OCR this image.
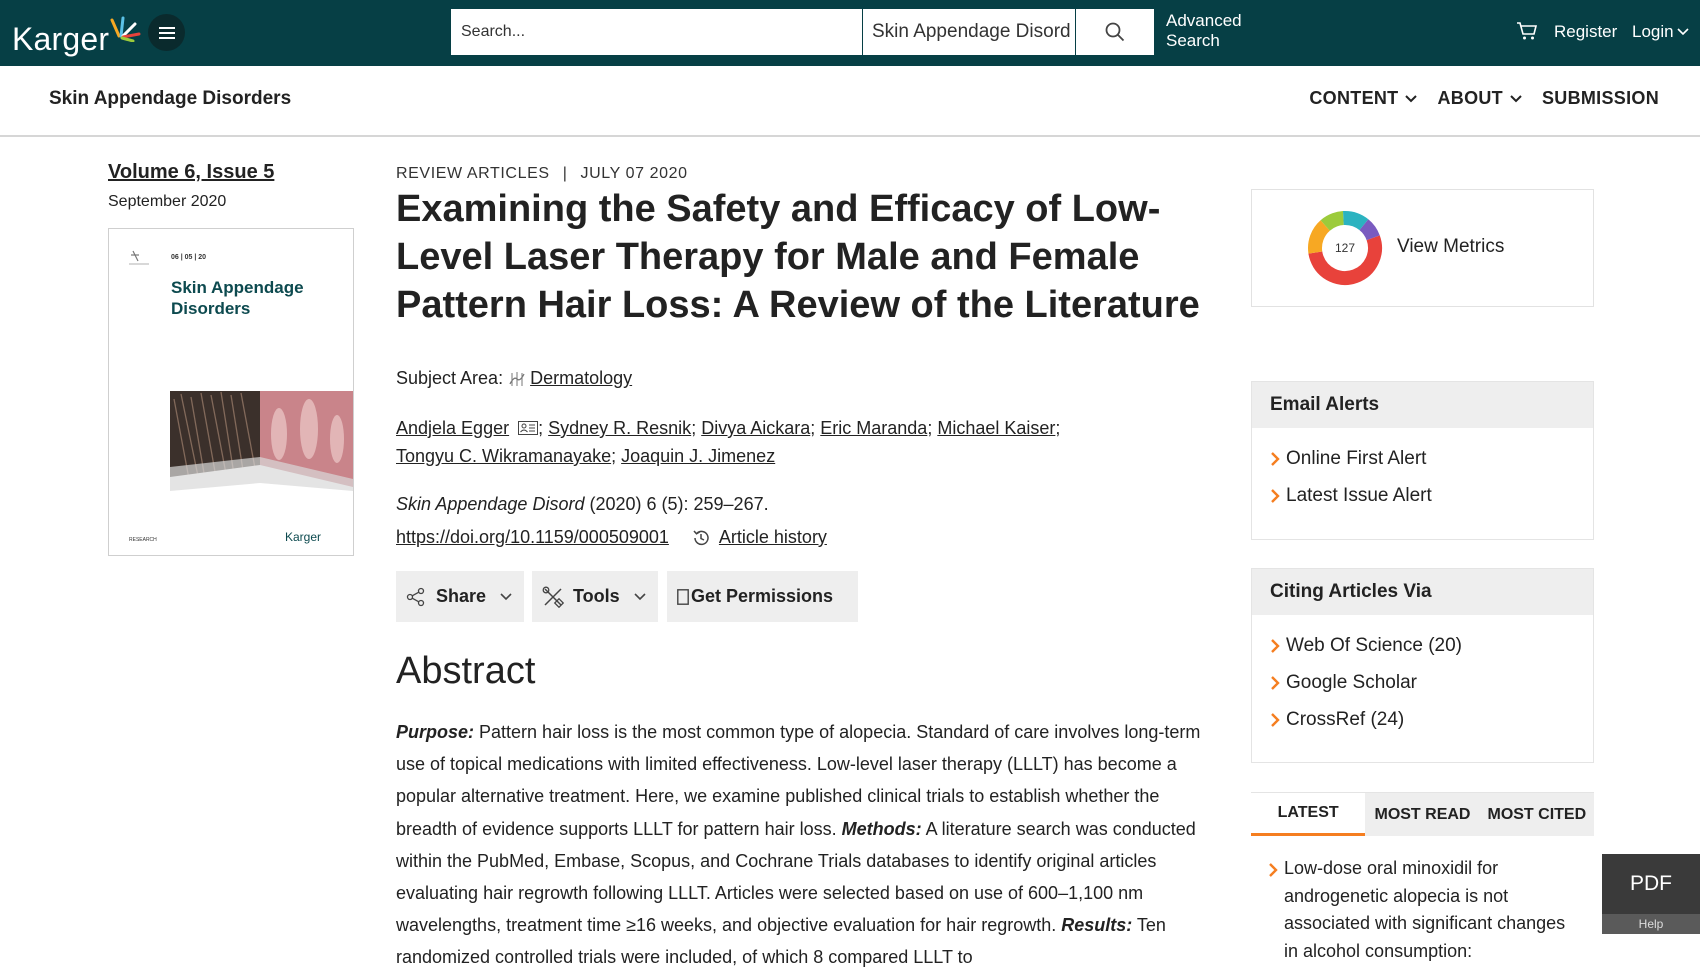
Karger
Search...	Skin Appendage Disord
Advanced
Search	Register Login
Skin Appendage Disorders	CONTENT ABOUT SUBMISSION
Volume 6, Issue 5
September 2020
06 | 05 | 20
Skin Appendage
Disorders
RESEARCH	Karger
REVIEW ARTICLES | JULY 07 2020
Examining the Safety and Efficacy of Low-Level Laser Therapy for Male and Female Pattern Hair Loss: A Review of the Literature
Subject Area: Dermatology
Andjela Egger ; Sydney R. Resnik; Divya Aickara; Eric Maranda; Michael Kaiser;
Tongyu C. Wikramanayake; Joaquin J. Jimenez
Skin Appendage Disord (2020) 6 (5): 259–267.
https://doi.org/10.1159/000509001	Article history
Share	Tools	Get Permissions
Abstract

Purpose: Pattern hair loss is the most common type of alopecia. Standard of care involves long-term use of topical medications with limited effectiveness. Low-level laser therapy (LLLT) has become a popular alternative treatment. Here, we examine published clinical trials to establish whether the breadth of evidence supports LLLT for pattern hair loss. Methods: A literature search was conducted within the PubMed, Embase, Scopus, and Cochrane Trials databases to identify original articles evaluating hair regrowth following LLLT. Articles were selected based on use of 600–1,100 nm wavelengths, treatment time ≥16 weeks, and objective evaluation for hair regrowth. Results: Ten randomized controlled trials were included, of which 8 compared LLLT to

127 View Metrics
Email Alerts
Online First Alert
Latest Issue Alert
Citing Articles Via
Web Of Science (20)
Google Scholar
CrossRef (24)
LATEST	MOST READ	MOST CITED
Low-dose oral minoxidil for androgenetic alopecia is not associated with significant changes in alcohol consumption:
PDF
Help
